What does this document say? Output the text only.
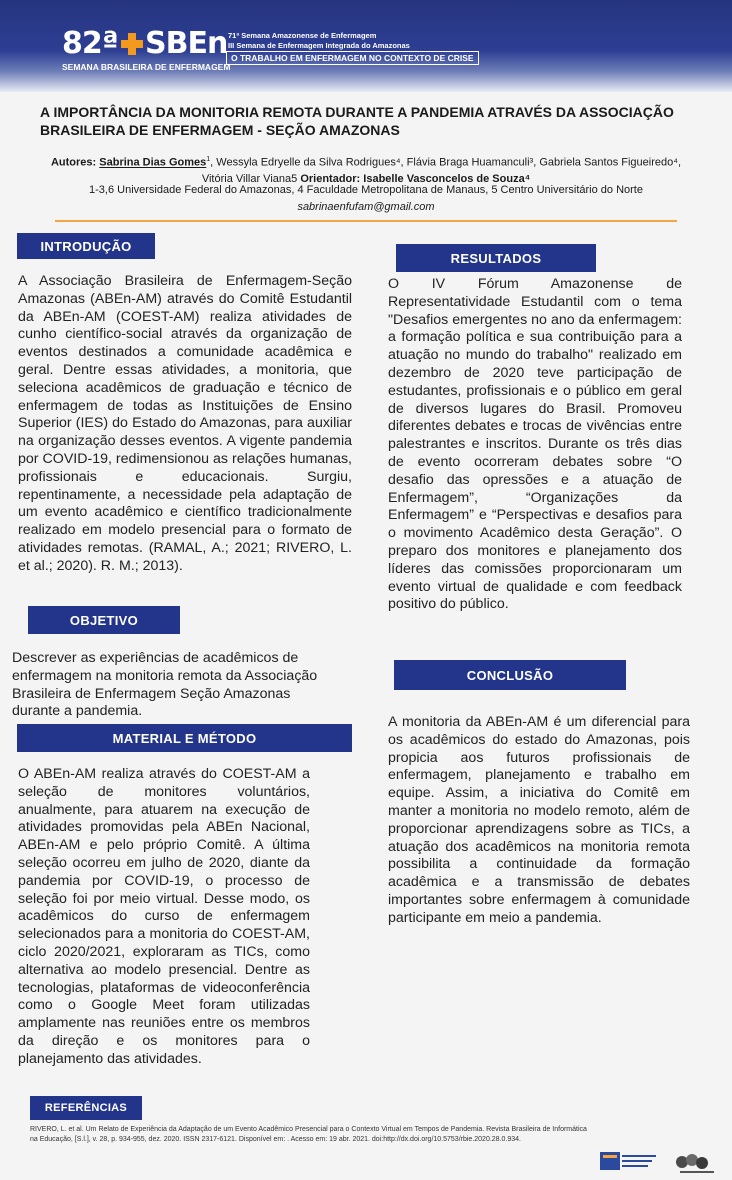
82ª SBEn
SEMANA BRASILEIRA DE ENFERMAGEM
71ª Semana Amazonense de Enfermagem
III Semana de Enfermagem Integrada do Amazonas
O TRABALHO EM ENFERMAGEM NO CONTEXTO DE CRISE
A IMPORTÂNCIA DA MONITORIA REMOTA DURANTE A PANDEMIA ATRAVÉS DA ASSOCIAÇÃO BRASILEIRA DE ENFERMAGEM - SEÇÃO AMAZONAS
Autores: Sabrina Dias Gomes$^1$, Wessyla Edryelle da Silva Rodrigues⁴, Flávia Braga Huamanculi³, Gabriela Santos Figueiredo⁴,
Vitória Villar Viana5 Orientador: Isabelle Vasconcelos de Souza⁴
1-3,6 Universidade Federal do Amazonas, 4 Faculdade Metropolitana de Manaus, 5 Centro Universitário do Norte
sabrinaenfufam@gmail.com
INTRODUÇÃO
A Associação Brasileira de Enfermagem-Seção Amazonas (ABEn-AM) através do Comitê Estudantil da ABEn-AM (COEST-AM) realiza atividades de cunho científico-social através da organização de eventos destinados a comunidade acadêmica e geral. Dentre essas atividades, a monitoria, que seleciona acadêmicos de graduação e técnico de enfermagem de todas as Instituições de Ensino Superior (IES) do Estado do Amazonas, para auxiliar na organização desses eventos. A vigente pandemia por COVID-19, redimensionou as relações humanas, profissionais e educacionais. Surgiu, repentinamente, a necessidade pela adaptação de um evento acadêmico e científico tradicionalmente realizado em modelo presencial para o formato de atividades remotas. (RAMAL, A.; 2021; RIVERO, L. et al.; 2020). R. M.; 2013).
OBJETIVO
Descrever as experiências de acadêmicos de enfermagem na monitoria remota da Associação Brasileira de Enfermagem Seção Amazonas durante a pandemia.
MATERIAL E MÉTODO
O ABEn-AM realiza através do COEST-AM a seleção de monitores voluntários, anualmente, para atuarem na execução de atividades promovidas pela ABEn Nacional, ABEn-AM e pelo próprio Comitê. A última seleção ocorreu em julho de 2020, diante da pandemia por COVID-19, o processo de seleção foi por meio virtual. Desse modo, os acadêmicos do curso de enfermagem selecionados para a monitoria do COEST-AM, ciclo 2020/2021, exploraram as TICs, como alternativa ao modelo presencial. Dentre as tecnologias, plataformas de videoconferência como o Google Meet foram utilizadas amplamente nas reuniões entre os membros da direção e os monitores para o planejamento das atividades.
REFERÊNCIAS
RIVERO, L. et al. Um Relato de Experiência da Adaptação de um Evento Acadêmico Presencial para o Contexto Virtual em Tempos de Pandemia. Revista Brasileira de Informática na Educação, [S.l.], v. 28, p. 934-955, dez. 2020. ISSN 2317-6121. Disponível em: . Acesso em: 19 abr. 2021. doi:http://dx.doi.org/10.5753/rbie.2020.28.0.934.
RESULTADOS
O IV Fórum Amazonense de Representatividade Estudantil com o tema "Desafios emergentes no ano da enfermagem: a formação política e sua contribuição para a atuação no mundo do trabalho" realizado em dezembro de 2020 teve participação de estudantes, profissionais e o público em geral de diversos lugares do Brasil. Promoveu diferentes debates e trocas de vivências entre palestrantes e inscritos. Durante os três dias de evento ocorreram debates sobre “O desafio das opressões e a atuação de Enfermagem”, “Organizações da Enfermagem” e “Perspectivas e desafios para o movimento Acadêmico desta Geração”. O preparo dos monitores e planejamento dos líderes das comissões proporcionaram um evento virtual de qualidade e com feedback positivo do público.
CONCLUSÃO
A monitoria da ABEn-AM é um diferencial para os acadêmicos do estado do Amazonas, pois propicia aos futuros profissionais de enfermagem, planejamento e trabalho em equipe. Assim, a iniciativa do Comitê em manter a monitoria no modelo remoto, além de proporcionar aprendizagens sobre as TICs, a atuação dos acadêmicos na monitoria remota possibilita a continuidade da formação acadêmica e a transmissão de debates importantes sobre enfermagem à comunidade participante em meio a pandemia.
